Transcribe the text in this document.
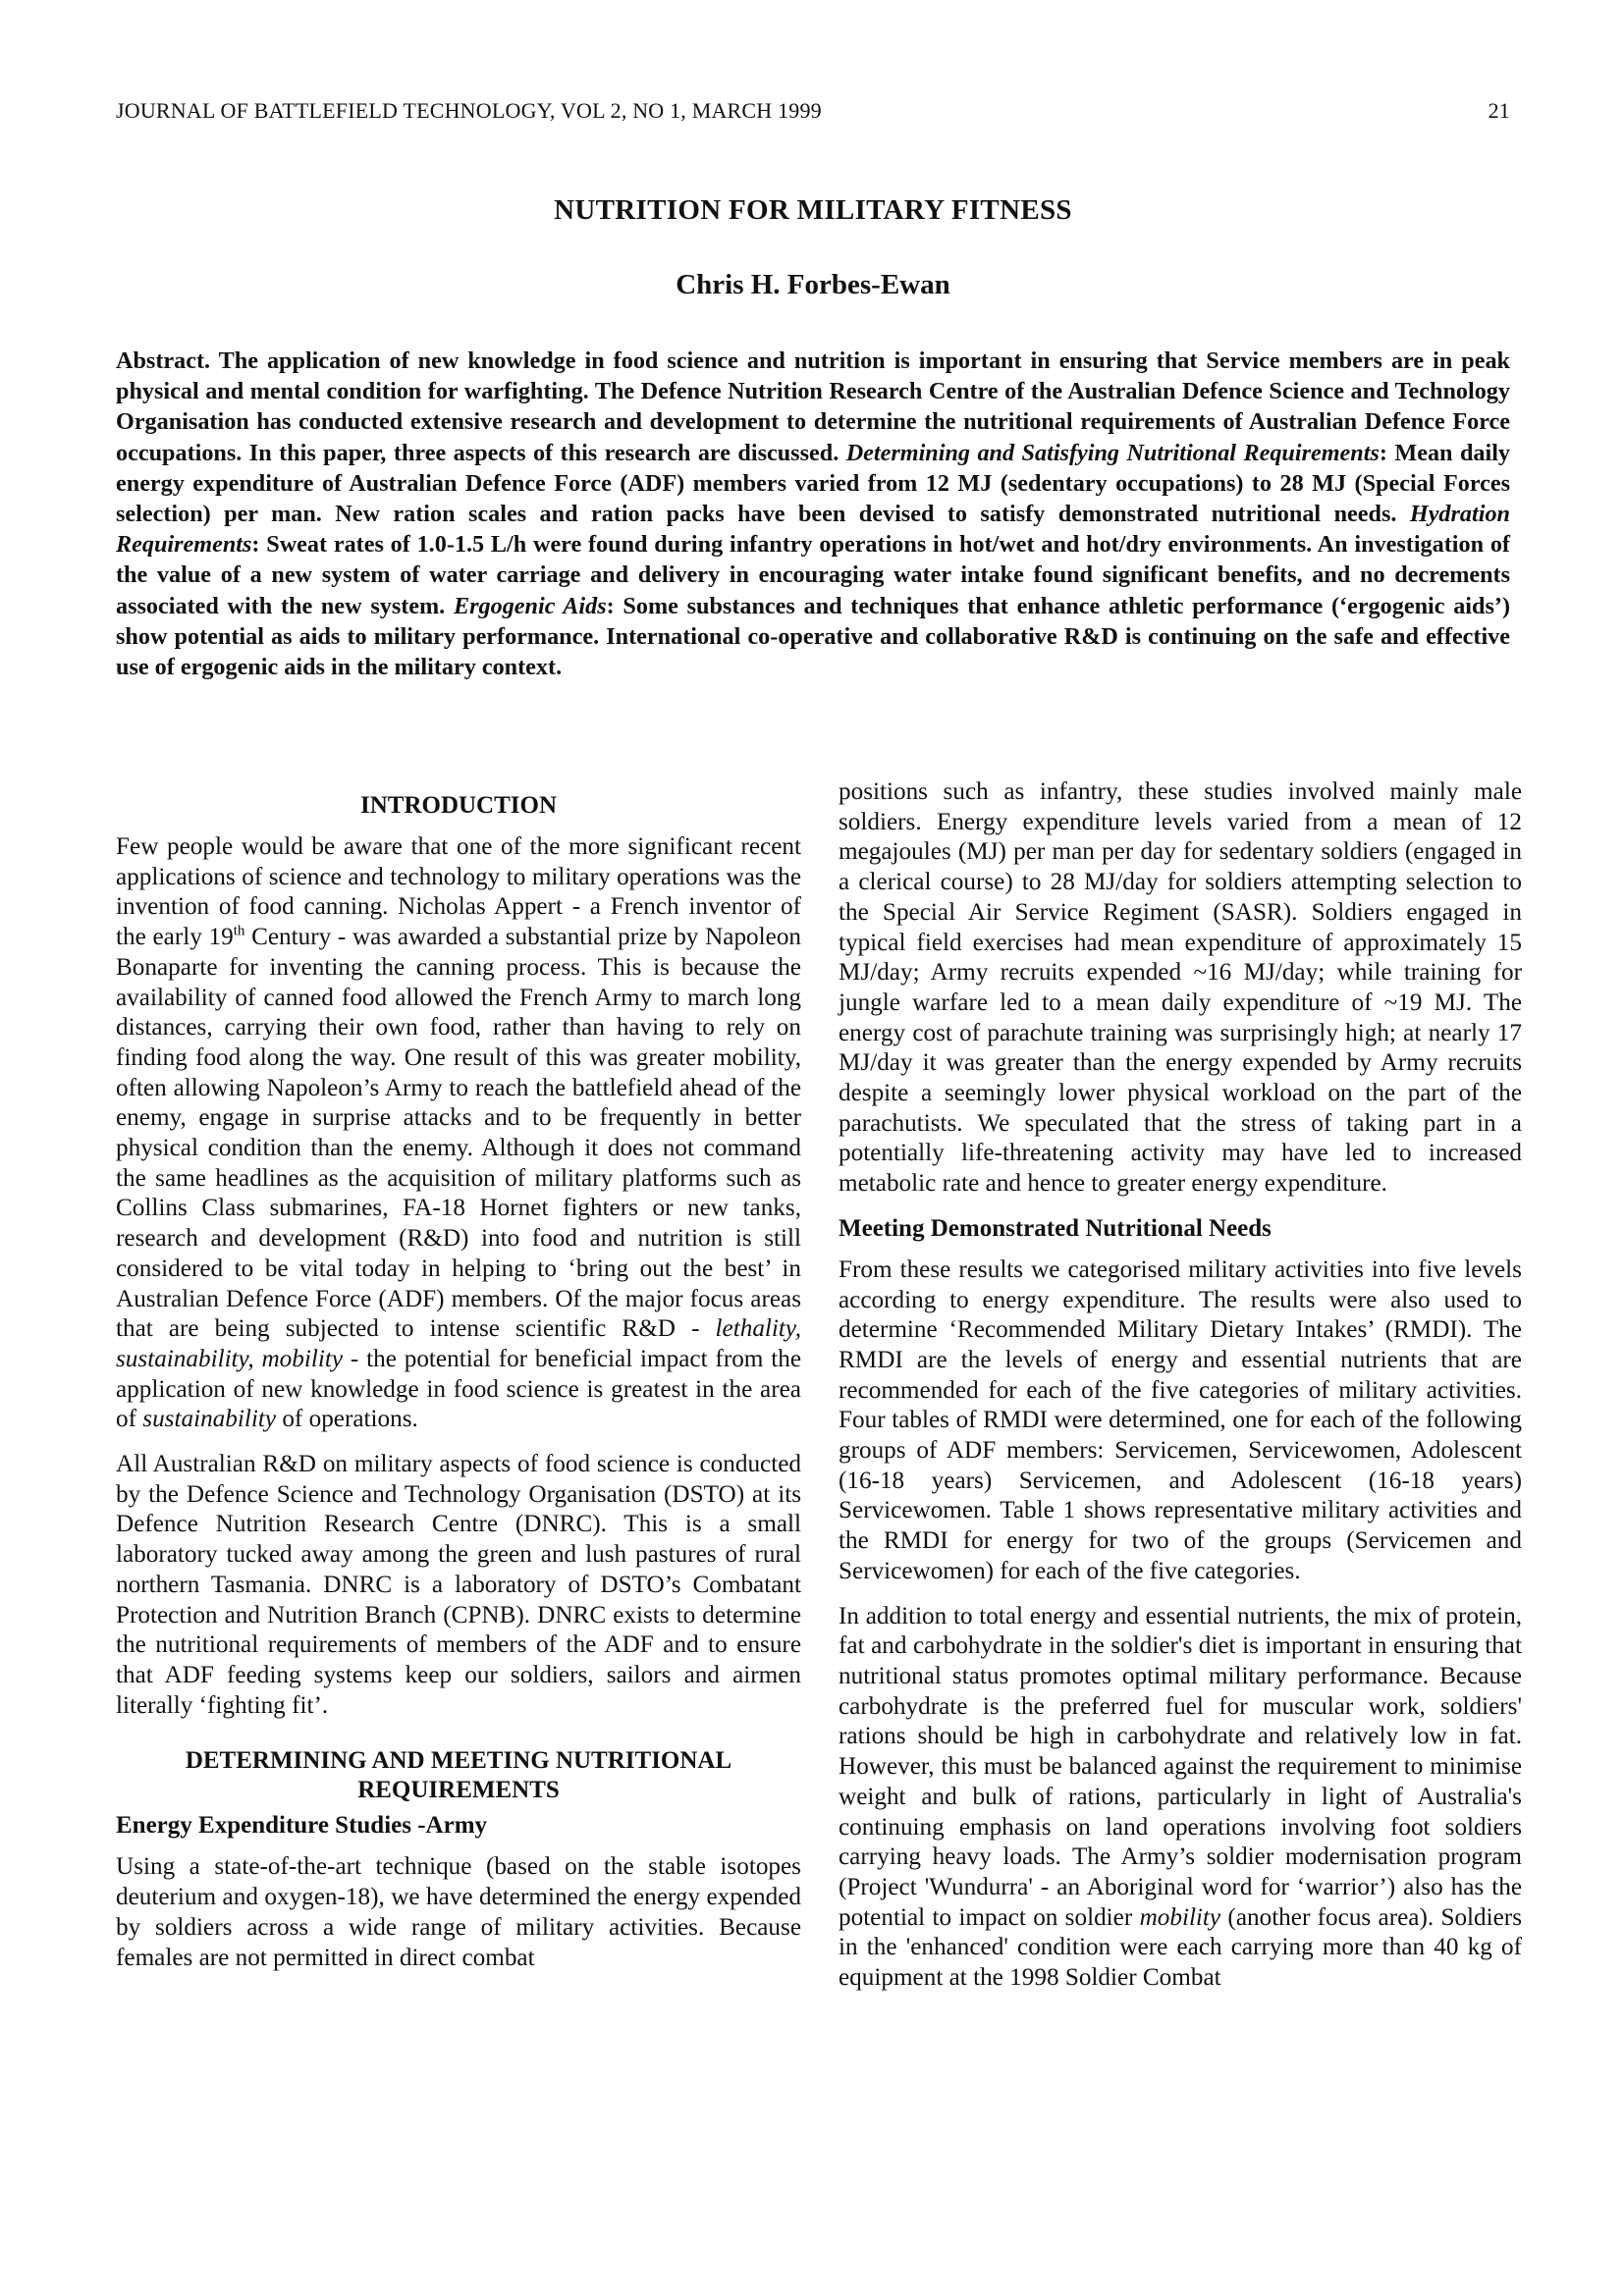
JOURNAL OF BATTLEFIELD TECHNOLOGY, VOL 2, NO 1, MARCH 1999	21
NUTRITION FOR MILITARY FITNESS
Chris H. Forbes-Ewan

Abstract. The application of new knowledge in food science and nutrition is important in ensuring that Service members are in peak physical and mental condition for warfighting. The Defence Nutrition Research Centre of the Australian Defence Science and Technology Organisation has conducted extensive research and development to determine the nutritional requirements of Australian Defence Force occupations. In this paper, three aspects of this research are discussed. Determining and Satisfying Nutritional Requirements: Mean daily energy expenditure of Australian Defence Force (ADF) members varied from 12 MJ (sedentary occupations) to 28 MJ (Special Forces selection) per man. New ration scales and ration packs have been devised to satisfy demonstrated nutritional needs. Hydration Requirements: Sweat rates of 1.0-1.5 L/h were found during infantry operations in hot/wet and hot/dry environments. An investigation of the value of a new system of water carriage and delivery in encouraging water intake found significant benefits, and no decrements associated with the new system. Ergogenic Aids: Some substances and techniques that enhance athletic performance (‘ergogenic aids’) show potential as aids to military performance. International co-operative and collaborative R&D is continuing on the safe and effective use of ergogenic aids in the military context.

INTRODUCTION

Few people would be aware that one of the more significant recent applications of science and technology to military operations was the invention of food canning. Nicholas Appert - a French inventor of the early 19th Century - was awarded a substantial prize by Napoleon Bonaparte for inventing the canning process. This is because the availability of canned food allowed the French Army to march long distances, carrying their own food, rather than having to rely on finding food along the way. One result of this was greater mobility, often allowing Napoleon’s Army to reach the battlefield ahead of the enemy, engage in surprise attacks and to be frequently in better physical condition than the enemy. Although it does not command the same headlines as the acquisition of military platforms such as Collins Class submarines, FA-18 Hornet fighters or new tanks, research and development (R&D) into food and nutrition is still considered to be vital today in helping to ‘bring out the best’ in Australian Defence Force (ADF) members. Of the major focus areas that are being subjected to intense scientific R&D - lethality, sustainability, mobility - the potential for beneficial impact from the application of new knowledge in food science is greatest in the area of sustainability of operations.

All Australian R&D on military aspects of food science is conducted by the Defence Science and Technology Organisation (DSTO) at its Defence Nutrition Research Centre (DNRC). This is a small laboratory tucked away among the green and lush pastures of rural northern Tasmania. DNRC is a laboratory of DSTO’s Combatant Protection and Nutrition Branch (CPNB). DNRC exists to determine the nutritional requirements of members of the ADF and to ensure that ADF feeding systems keep our soldiers, sailors and airmen literally ‘fighting fit’.

DETERMINING AND MEETING NUTRITIONAL REQUIREMENTS
Energy Expenditure Studies -Army

Using a state-of-the-art technique (based on the stable isotopes deuterium and oxygen-18), we have determined the energy expended by soldiers across a wide range of military activities. Because females are not permitted in direct combat

positions such as infantry, these studies involved mainly male soldiers. Energy expenditure levels varied from a mean of 12 megajoules (MJ) per man per day for sedentary soldiers (engaged in a clerical course) to 28 MJ/day for soldiers attempting selection to the Special Air Service Regiment (SASR). Soldiers engaged in typical field exercises had mean expenditure of approximately 15 MJ/day; Army recruits expended ~16 MJ/day; while training for jungle warfare led to a mean daily expenditure of ~19 MJ. The energy cost of parachute training was surprisingly high; at nearly 17 MJ/day it was greater than the energy expended by Army recruits despite a seemingly lower physical workload on the part of the parachutists. We speculated that the stress of taking part in a potentially life-threatening activity may have led to increased metabolic rate and hence to greater energy expenditure.

Meeting Demonstrated Nutritional Needs

From these results we categorised military activities into five levels according to energy expenditure. The results were also used to determine ‘Recommended Military Dietary Intakes’ (RMDI). The RMDI are the levels of energy and essential nutrients that are recommended for each of the five categories of military activities. Four tables of RMDI were determined, one for each of the following groups of ADF members: Servicemen, Servicewomen, Adolescent (16-18 years) Servicemen, and Adolescent (16-18 years) Servicewomen. Table 1 shows representative military activities and the RMDI for energy for two of the groups (Servicemen and Servicewomen) for each of the five categories.

In addition to total energy and essential nutrients, the mix of protein, fat and carbohydrate in the soldier's diet is important in ensuring that nutritional status promotes optimal military performance. Because carbohydrate is the preferred fuel for muscular work, soldiers' rations should be high in carbohydrate and relatively low in fat. However, this must be balanced against the requirement to minimise weight and bulk of rations, particularly in light of Australia's continuing emphasis on land operations involving foot soldiers carrying heavy loads. The Army’s soldier modernisation program (Project 'Wundurra' - an Aboriginal word for ‘warrior’) also has the potential to impact on soldier mobility (another focus area). Soldiers in the 'enhanced' condition were each carrying more than 40 kg of equipment at the 1998 Soldier Combat
